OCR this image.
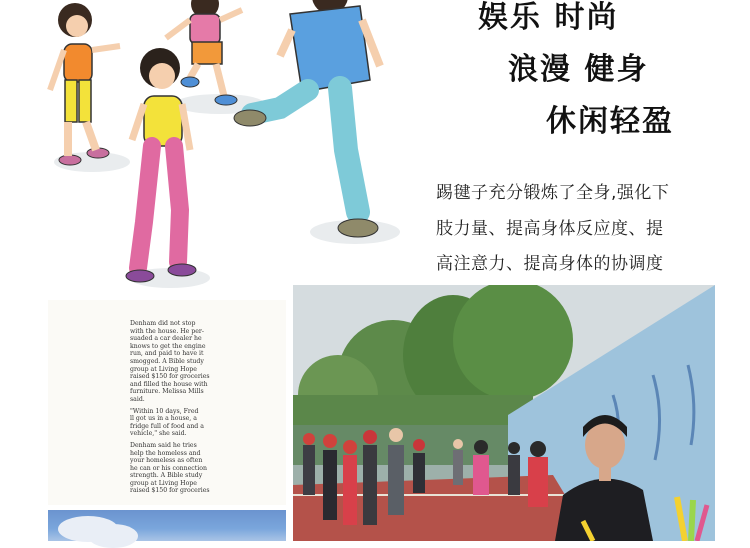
娱乐 时尚
浪漫 健身
休闲轻盈
踢毽子充分锻炼了全身,强化下
肢力量、提高身体反应度、提
高注意力、提高身体的协调度

Denham did not stop
with the house. He per-
suaded a car dealer he
knows to get the engine
run, and paid to have it
smogged. A Bible study
group at Living Hope
raised $150 for groceries
and filled the house with
furniture. Melissa Mills
said.

"Within 10 days, Fred
ll got us in a house, a
fridge full of food and a
vehicle," she said.

Denham said he tries
help the homeless and
your homeless as often
he can or his connection
strength. A Bible study
group at Living Hope
raised $150 for groceries
